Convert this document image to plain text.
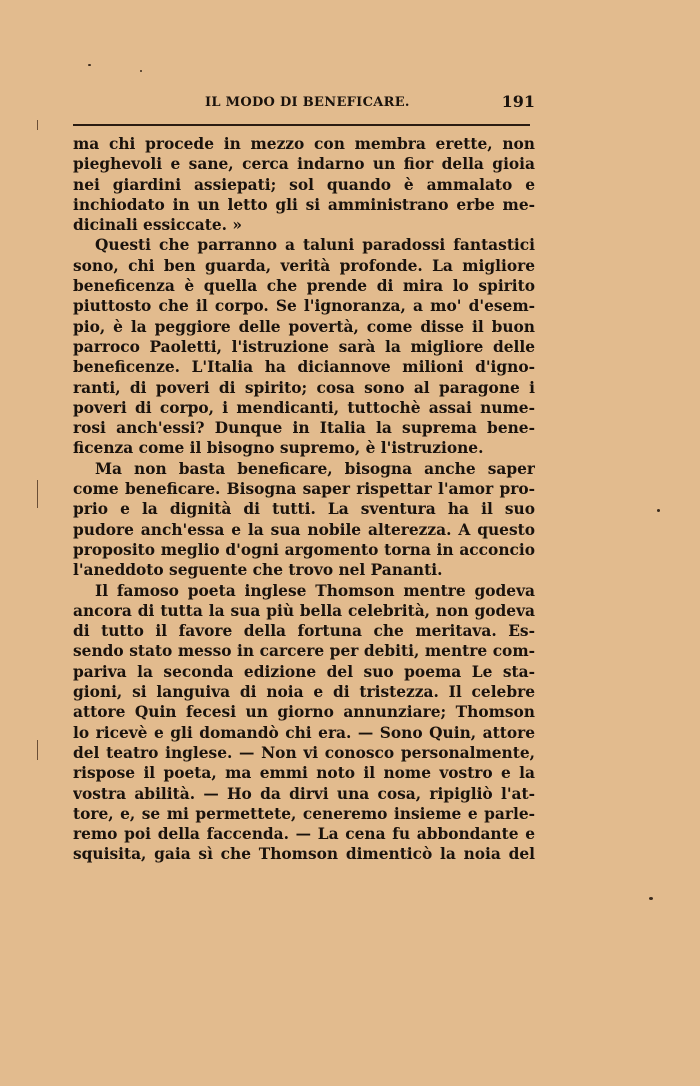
IL MODO DI BENEFICARE.	191
ma chi procede in mezzo con membra erette, non
pieghevoli e sane, cerca indarno un fior della gioia
nei giardini assiepati; sol quando è ammalato e
inchiodato in un letto gli si amministrano erbe me-
dicinali essiccate. »
Questi che parranno a taluni paradossi fantastici
sono, chi ben guarda, verità profonde. La migliore
beneficenza è quella che prende di mira lo spirito
piuttosto che il corpo. Se l'ignoranza, a mo' d'esem-
pio, è la peggiore delle povertà, come disse il buon
parroco Paoletti, l'istruzione sarà la migliore delle
beneficenze. L'Italia ha diciannove milioni d'igno-
ranti, di poveri di spirito; cosa sono al paragone i
poveri di corpo, i mendicanti, tuttochè assai nume-
rosi anch'essi? Dunque in Italia la suprema bene-
ficenza come il bisogno supremo, è l'istruzione.
Ma non basta beneficare, bisogna anche saper
come beneficare. Bisogna saper rispettar l'amor pro-
prio e la dignità di tutti. La sventura ha il suo
pudore anch'essa e la sua nobile alterezza. A questo
proposito meglio d'ogni argomento torna in acconcio
l'aneddoto seguente che trovo nel Pananti.
Il famoso poeta inglese Thomson mentre godeva
ancora di tutta la sua più bella celebrità, non godeva
di tutto il favore della fortuna che meritava. Es-
sendo stato messo in carcere per debiti, mentre com-
pariva la seconda edizione del suo poema Le sta-
gioni, si languiva di noia e di tristezza. Il celebre
attore Quin fecesi un giorno annunziare; Thomson
lo ricevè e gli domandò chi era. — Sono Quin, attore
del teatro inglese. — Non vi conosco personalmente,
rispose il poeta, ma emmi noto il nome vostro e la
vostra abilità. — Ho da dirvi una cosa, ripigliò l'at-
tore, e, se mi permettete, ceneremo insieme e parle-
remo poi della faccenda. — La cena fu abbondante e
squisita, gaia sì che Thomson dimenticò la noia del
